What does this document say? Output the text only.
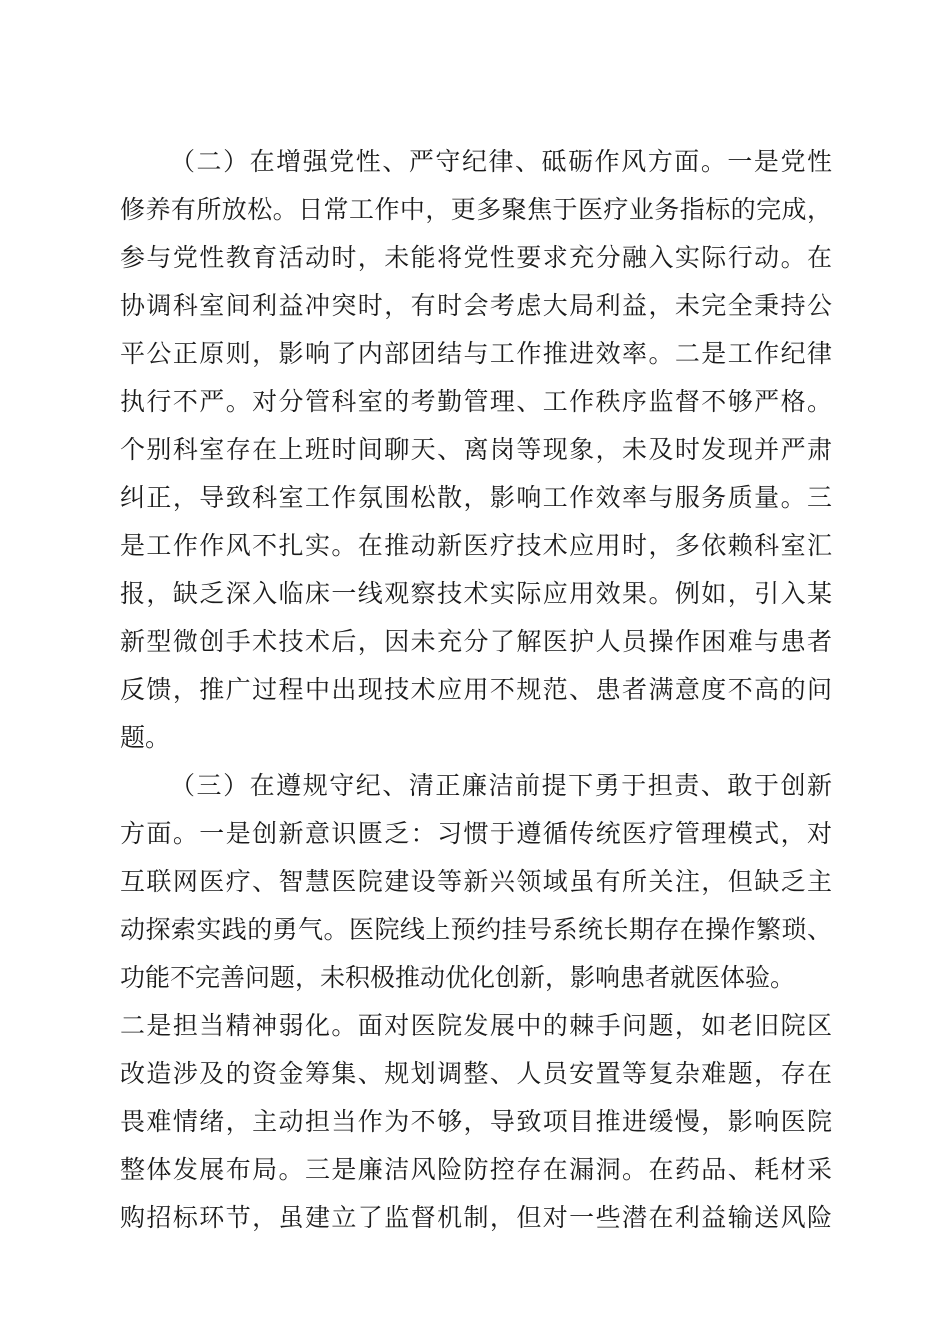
（二）在增强党性、严守纪律、砥砺作风方面。一是党性
修养有所放松。日常工作中，更多聚焦于医疗业务指标的完成，
参与党性教育活动时，未能将党性要求充分融入实际行动。在
协调科室间利益冲突时，有时会考虑大局利益，未完全秉持公
平公正原则，影响了内部团结与工作推进效率。二是工作纪律
执行不严。对分管科室的考勤管理、工作秩序监督不够严格。
个别科室存在上班时间聊天、离岗等现象，未及时发现并严肃
纠正，导致科室工作氛围松散，影响工作效率与服务质量。三
是工作作风不扎实。在推动新医疗技术应用时，多依赖科室汇
报，缺乏深入临床一线观察技术实际应用效果。例如，引入某
新型微创手术技术后，因未充分了解医护人员操作困难与患者
反馈，推广过程中出现技术应用不规范、患者满意度不高的问
题。
（三）在遵规守纪、清正廉洁前提下勇于担责、敢于创新
方面。一是创新意识匮乏：习惯于遵循传统医疗管理模式，对
互联网医疗、智慧医院建设等新兴领域虽有所关注，但缺乏主
动探索实践的勇气。医院线上预约挂号系统长期存在操作繁琐、
功能不完善问题，未积极推动优化创新，影响患者就医体验。
二是担当精神弱化。面对医院发展中的棘手问题，如老旧院区
改造涉及的资金筹集、规划调整、人员安置等复杂难题，存在
畏难情绪，主动担当作为不够，导致项目推进缓慢，影响医院
整体发展布局。三是廉洁风险防控存在漏洞。在药品、耗材采
购招标环节，虽建立了监督机制，但对一些潜在利益输送风险
